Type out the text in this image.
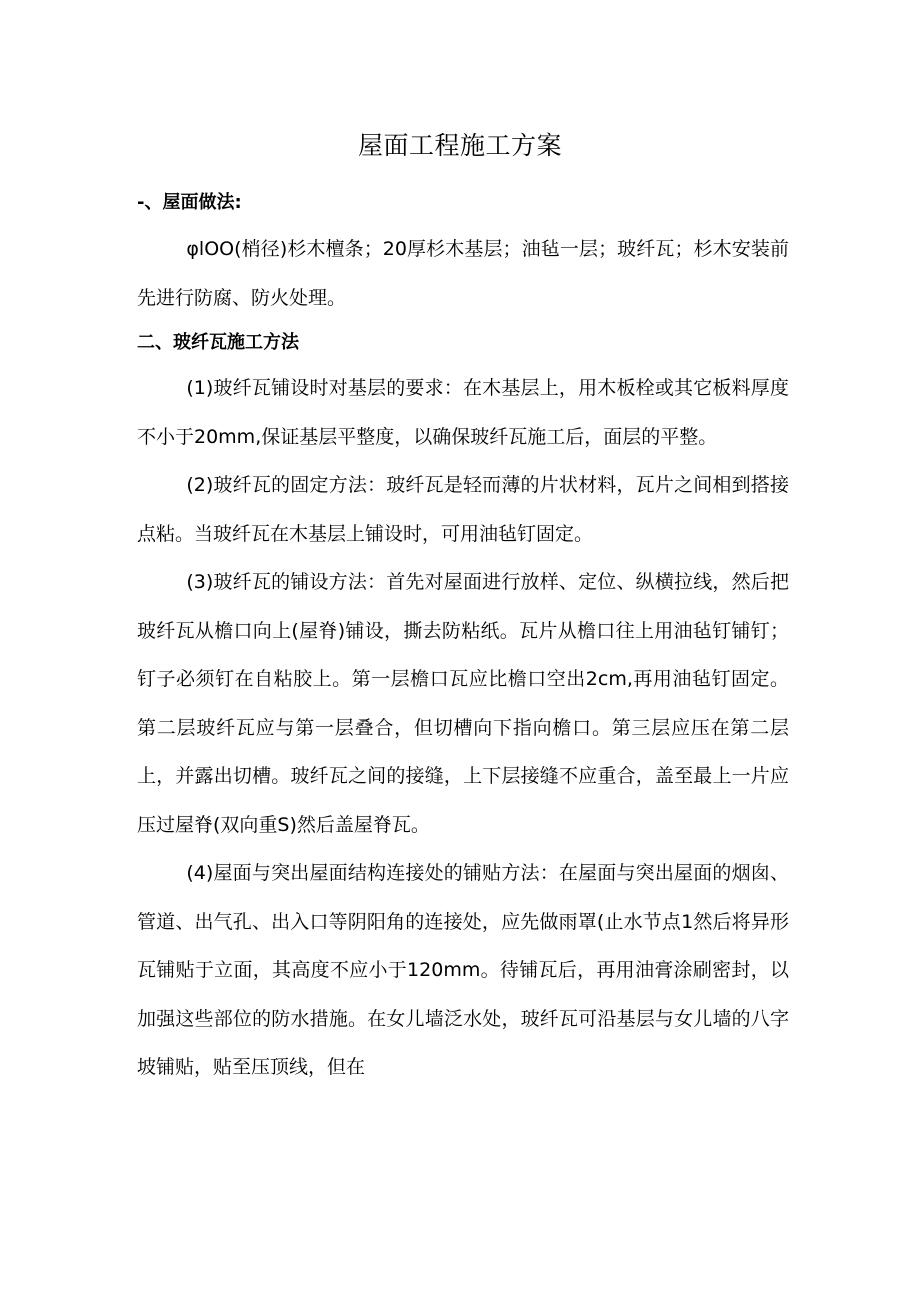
屋面工程施工方案
-、屋面做法:

φlOO(梢径)杉木檀条；20厚杉木基层；油毡一层；玻纤瓦；杉木安装前先进行防腐、防火处理。

二、玻纤瓦施工方法

(1)玻纤瓦铺设时对基层的要求：在木基层上，用木板栓或其它板料厚度不小于20mm,保证基层平整度，以确保玻纤瓦施工后，面层的平整。

(2)玻纤瓦的固定方法：玻纤瓦是轻而薄的片状材料，瓦片之间相到搭接点粘。当玻纤瓦在木基层上铺设时，可用油毡钉固定。

(3)玻纤瓦的铺设方法：首先对屋面进行放样、定位、纵横拉线，然后把玻纤瓦从檐口向上(屋脊)铺设，撕去防粘纸。瓦片从檐口往上用油毡钉铺钉；钉子必须钉在自粘胶上。第一层檐口瓦应比檐口空出2cm,再用油毡钉固定。第二层玻纤瓦应与第一层叠合，但切槽向下指向檐口。第三层应压在第二层上，并露出切槽。玻纤瓦之间的接缝，上下层接缝不应重合，盖至最上一片应压过屋脊(双向重S)然后盖屋脊瓦。

(4)屋面与突出屋面结构连接处的铺贴方法：在屋面与突出屋面的烟囱、管道、出气孔、出入口等阴阳角的连接处，应先做雨罩(止水节点1然后将异形瓦铺贴于立面，其高度不应小于120mm。待铺瓦后，再用油膏涂刷密封，以加强这些部位的防水措施。在女儿墙泛水处，玻纤瓦可沿基层与女儿墙的八字坡铺贴，贴至压顶线，但在
